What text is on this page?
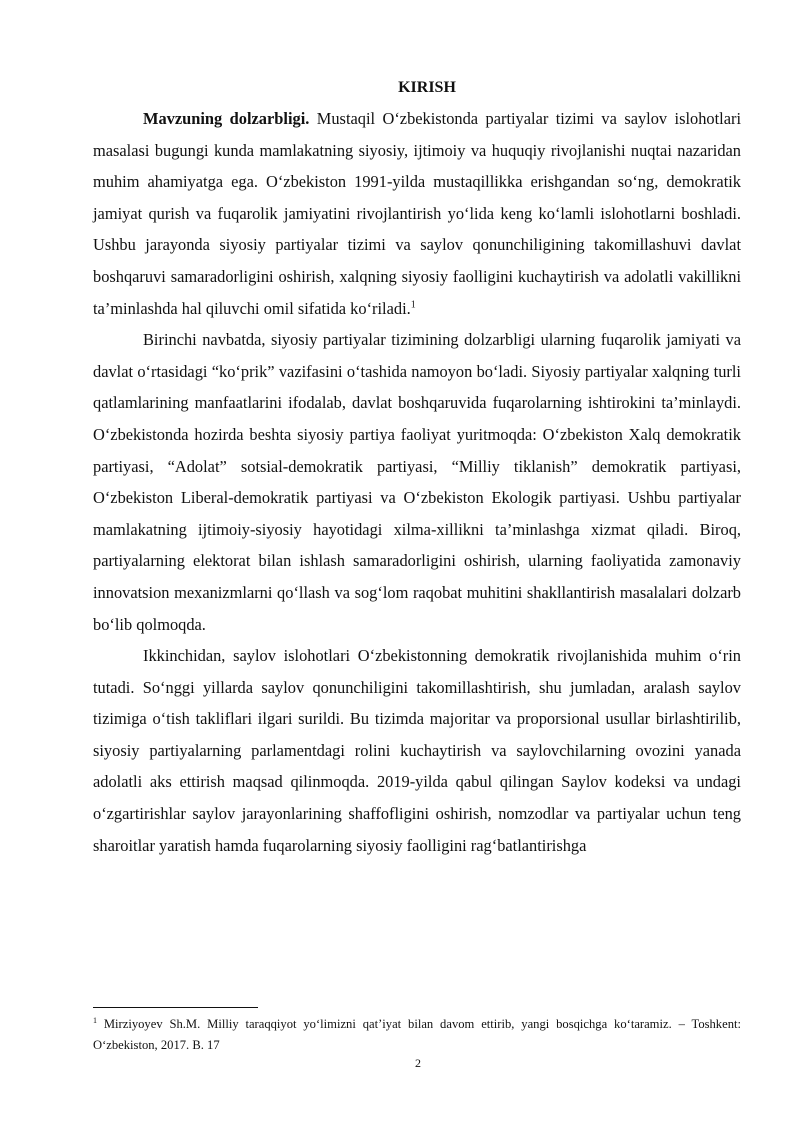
KIRISH

Mavzuning dolzarbligi. Mustaqil O‘zbekistonda partiyalar tizimi va saylov islohotlari masalasi bugungi kunda mamlakatning siyosiy, ijtimoiy va huquqiy rivojlanishi nuqtai nazaridan muhim ahamiyatga ega. O‘zbekiston 1991-yilda mustaqillikka erishgandan so‘ng, demokratik jamiyat qurish va fuqarolik jamiyatini rivojlantirish yo‘lida keng ko‘lamli islohotlarni boshladi. Ushbu jarayonda siyosiy partiyalar tizimi va saylov qonunchiligining takomillashuvi davlat boshqaruvi samaradorligini oshirish, xalqning siyosiy faolligini kuchaytirish va adolatli vakillikni ta’minlashda hal qiluvchi omil sifatida ko‘riladi.$^1$

Birinchi navbatda, siyosiy partiyalar tizimining dolzarbligi ularning fuqarolik jamiyati va davlat o‘rtasidagi “ko‘prik” vazifasini o‘tashida namoyon bo‘ladi. Siyosiy partiyalar xalqning turli qatlamlarining manfaatlarini ifodalab, davlat boshqaruvida fuqarolarning ishtirokini ta’minlaydi. O‘zbekistonda hozirda beshta siyosiy partiya faoliyat yuritmoqda: O‘zbekiston Xalq demokratik partiyasi, “Adolat” sotsial-demokratik partiyasi, “Milliy tiklanish” demokratik partiyasi, O‘zbekiston Liberal-demokratik partiyasi va O‘zbekiston Ekologik partiyasi. Ushbu partiyalar mamlakatning ijtimoiy-siyosiy hayotidagi xilma-xillikni ta’minlashga xizmat qiladi. Biroq, partiyalarning elektorat bilan ishlash samaradorligini oshirish, ularning faoliyatida zamonaviy innovatsion mexanizmlarni qo‘llash va sog‘lom raqobat muhitini shakllantirish masalalari dolzarb bo‘lib qolmoqda.

Ikkinchidan, saylov islohotlari O‘zbekistonning demokratik rivojlanishida muhim o‘rin tutadi. So‘nggi yillarda saylov qonunchiligini takomillashtirish, shu jumladan, aralash saylov tizimiga o‘tish takliflari ilgari surildi. Bu tizimda majoritar va proporsional usullar birlashtirilib, siyosiy partiyalarning parlamentdagi rolini kuchaytirish va saylovchilarning ovozini yanada adolatli aks ettirish maqsad qilinmoqda. 2019-yilda qabul qilingan Saylov kodeksi va undagi o‘zgartirishlar saylov jarayonlarining shaffofligini oshirish, nomzodlar va partiyalar uchun teng sharoitlar yaratish hamda fuqarolarning siyosiy faolligini rag‘batlantirishga

$^1$ Mirziyoyev Sh.M. Milliy taraqqiyot yo‘limizni qat’iyat bilan davom ettirib, yangi bosqichga ko‘taramiz. – Toshkent: O‘zbekiston, 2017. B. 17
2
